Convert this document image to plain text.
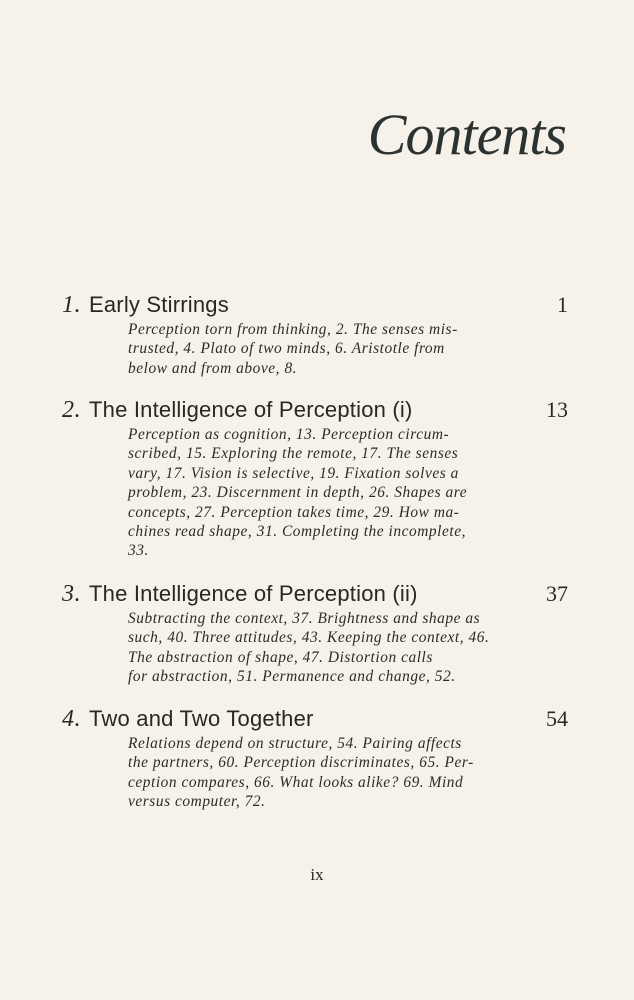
Contents
1. Early Stirrings	1
Perception torn from thinking, 2. The senses mis-
trusted, 4. Plato of two minds, 6. Aristotle from
below and from above, 8.
2. The Intelligence of Perception (i)	13
Perception as cognition, 13. Perception circum-
scribed, 15. Exploring the remote, 17. The senses
vary, 17. Vision is selective, 19. Fixation solves a
problem, 23. Discernment in depth, 26. Shapes are
concepts, 27. Perception takes time, 29. How ma-
chines read shape, 31. Completing the incomplete,
33.
3. The Intelligence of Perception (ii)	37
Subtracting the context, 37. Brightness and shape as
such, 40. Three attitudes, 43. Keeping the context, 46.
The abstraction of shape, 47. Distortion calls
for abstraction, 51. Permanence and change, 52.
4. Two and Two Together	54
Relations depend on structure, 54. Pairing affects
the partners, 60. Perception discriminates, 65. Per-
ception compares, 66. What looks alike? 69. Mind
versus computer, 72.
ix
